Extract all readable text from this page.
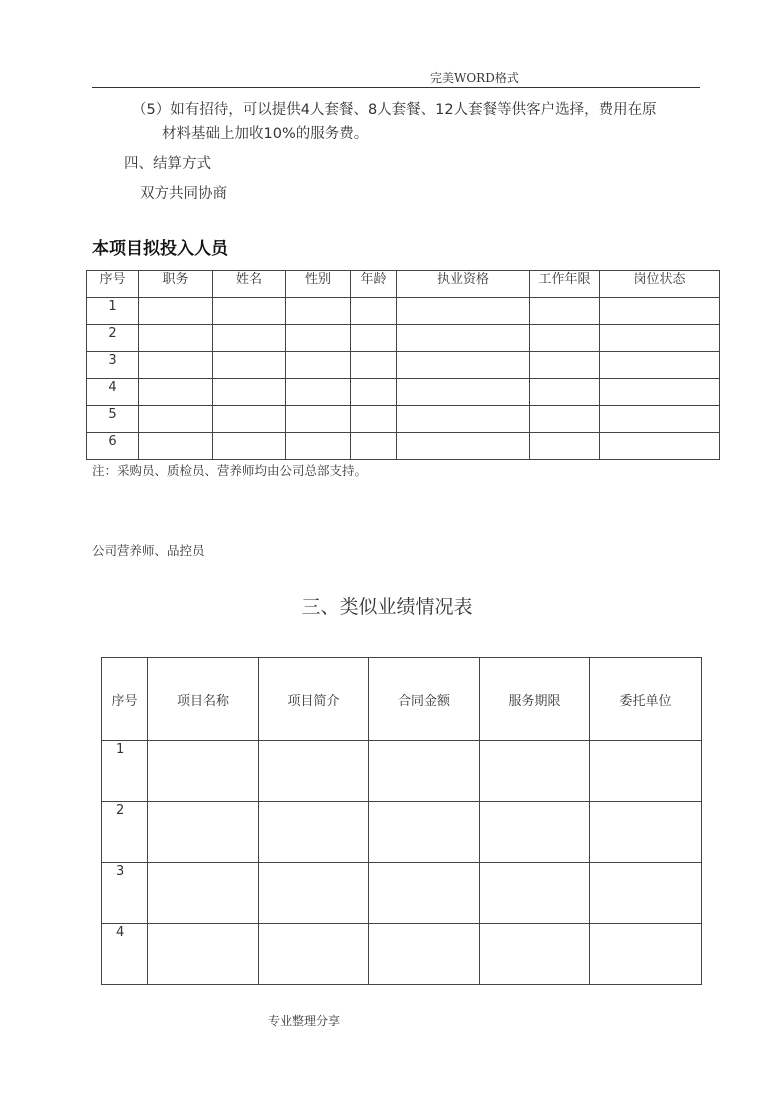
完美WORD格式
（5）如有招待，可以提供4人套餐、8人套餐、12人套餐等供客户选择，费用在原
材料基础上加收10%的服务费。
四、结算方式
双方共同协商
本项目拟投入人员
序号	职务	姓名	性别	年龄	执业资格	工作年限	岗位状态
1							
2							
3							
4							
5							
6							
注：采购员、质检员、营养师均由公司总部支持。
公司营养师、品控员
三、类似业绩情况表
序号	项目名称	项目简介	合同金额	服务期限	委托单位
1					
2					
3					
4					
专业整理分享
